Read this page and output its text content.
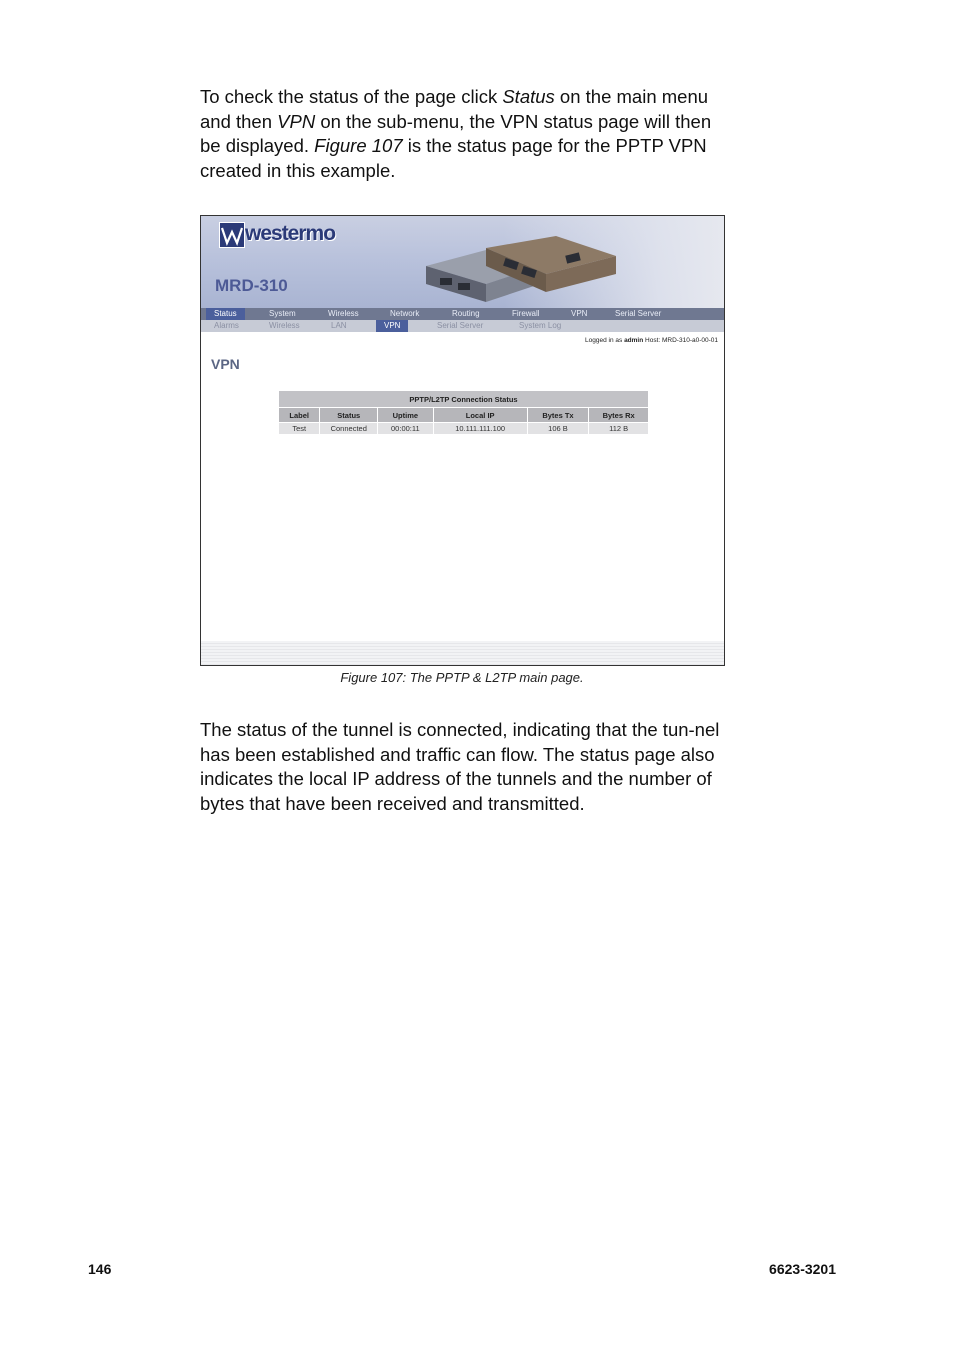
To check the status of the page click Status on the main menu and then VPN on the sub-menu, the VPN status page will then be displayed. Figure 107 is the status page for the PPTP VPN created in this example.

westermo
MRD-310
Status	System	Wireless	Network	Routing	Firewall	VPN	Serial Server
Alarms	Wireless	LAN	VPN	Serial Server	System Log
Logged in as admin Host: MRD-310-a0-00-01
VPN
PPTP/L2TP Connection Status					
Label	Status	Uptime	Local IP	Bytes Tx	Bytes Rx
Test	Connected	00:00:11	10.111.111.100	106 B	112 B
Figure 107: The PPTP & L2TP main page.

The status of the tunnel is connected, indicating that the tun-nel has been established and traffic can flow. The status page also indicates the local IP address of the tunnels and the number of bytes that have been received and transmitted.

146	6623-3201
